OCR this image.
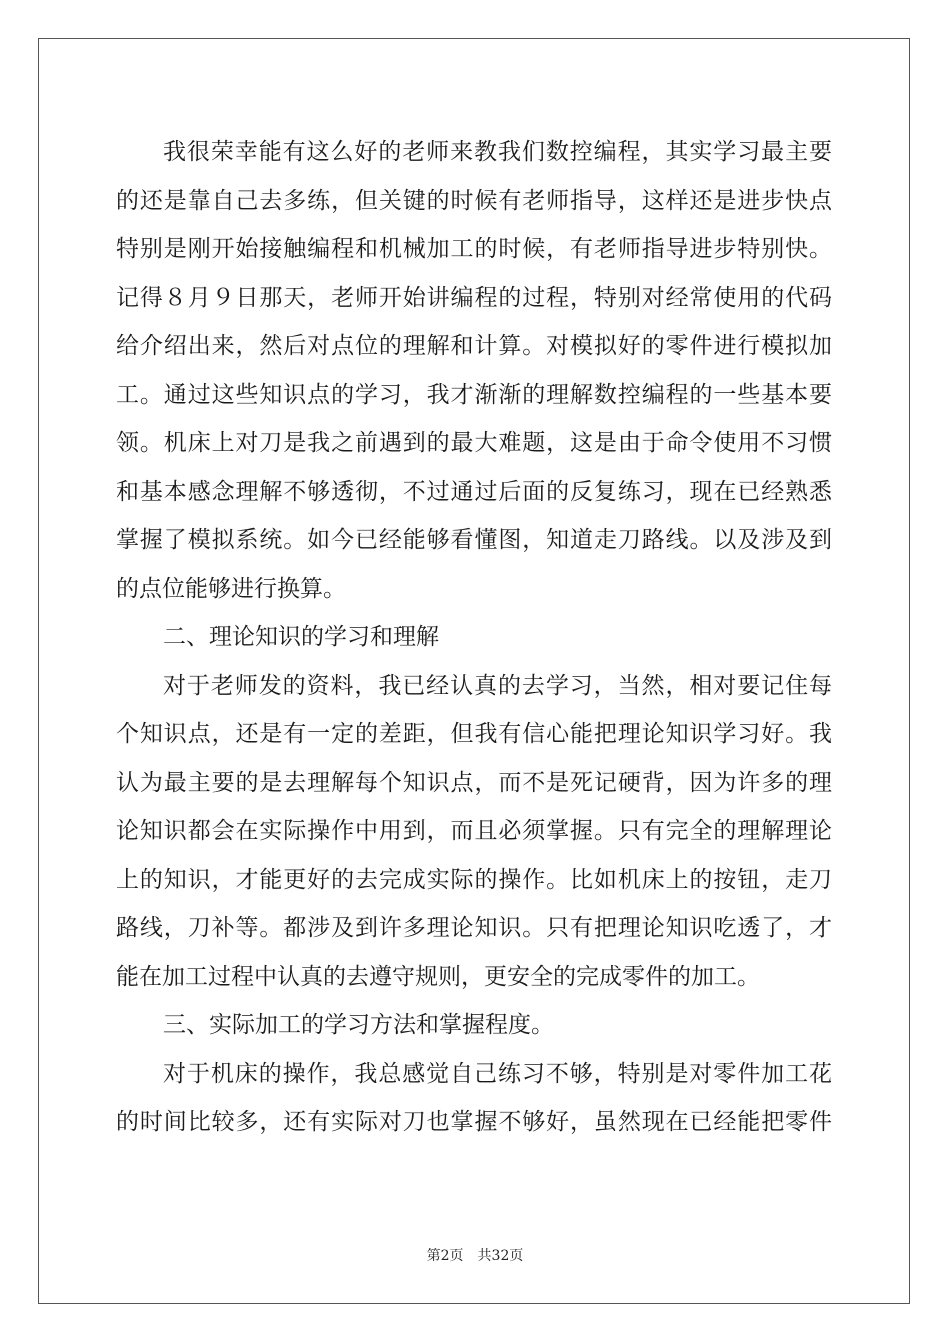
我很荣幸能有这么好的老师来教我们数控编程，其实学习最主要
的还是靠自己去多练，但关键的时候有老师指导，这样还是进步快点
特别是刚开始接触编程和机械加工的时候，有老师指导进步特别快。
记得８月９日那天，老师开始讲编程的过程，特别对经常使用的代码
给介绍出来，然后对点位的理解和计算。对模拟好的零件进行模拟加
工。通过这些知识点的学习，我才渐渐的理解数控编程的一些基本要
领。机床上对刀是我之前遇到的最大难题，这是由于命令使用不习惯
和基本感念理解不够透彻，不过通过后面的反复练习，现在已经熟悉
掌握了模拟系统。如今已经能够看懂图，知道走刀路线。以及涉及到
的点位能够进行换算。
二、理论知识的学习和理解
对于老师发的资料，我已经认真的去学习，当然，相对要记住每
个知识点，还是有一定的差距，但我有信心能把理论知识学习好。我
认为最主要的是去理解每个知识点，而不是死记硬背，因为许多的理
论知识都会在实际操作中用到，而且必须掌握。只有完全的理解理论
上的知识，才能更好的去完成实际的操作。比如机床上的按钮，走刀
路线，刀补等。都涉及到许多理论知识。只有把理论知识吃透了，才
能在加工过程中认真的去遵守规则，更安全的完成零件的加工。
三、实际加工的学习方法和掌握程度。
对于机床的操作，我总感觉自己练习不够，特别是对零件加工花
的时间比较多，还有实际对刀也掌握不够好，虽然现在已经能把零件
第2页 共32页
